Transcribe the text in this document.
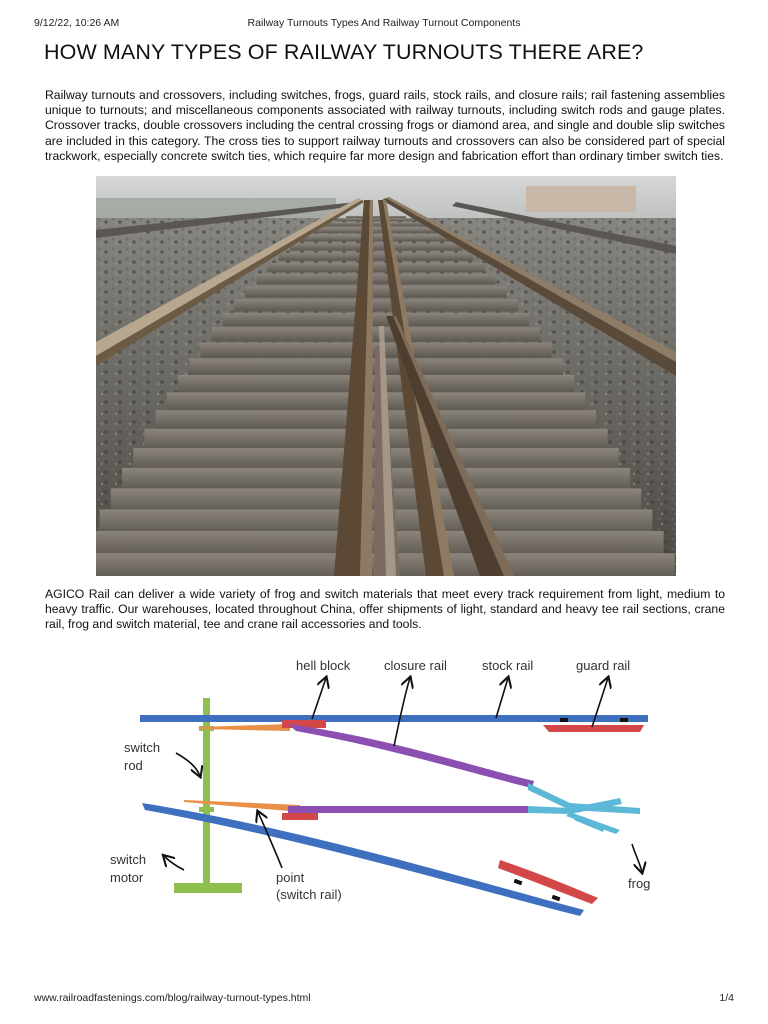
9/12/22, 10:26 AM	Railway Turnouts Types And Railway Turnout Components
HOW MANY TYPES OF RAILWAY TURNOUTS THERE ARE?

Railway turnouts and crossovers, including switches, frogs, guard rails, stock rails, and closure rails; rail fastening assemblies unique to turnouts; and miscellaneous components associated with railway turnouts, including switch rods and gauge plates. Crossover tracks, double crossovers including the central crossing frogs or diamond area, and single and double slip switches are included in this category. The cross ties to support railway turnouts and crossovers can also be considered part of special trackwork, especially concrete switch ties, which require far more design and fabrication effort than ordinary timber switch ties.

AGICO Rail can deliver a wide variety of frog and switch materials that meet every track requirement from light, medium to heavy traffic. Our warehouses, located throughout China, offer shipments of light, standard and heavy tee rail sections, crane rail, frog and switch material, tee and crane rail accessories and tools.

hell block	closure rail	stock rail	guard rail
switch
rod
switch
motor	point
(switch rail)
frog
www.railroadfastenings.com/blog/railway-turnout-types.html	1/4
